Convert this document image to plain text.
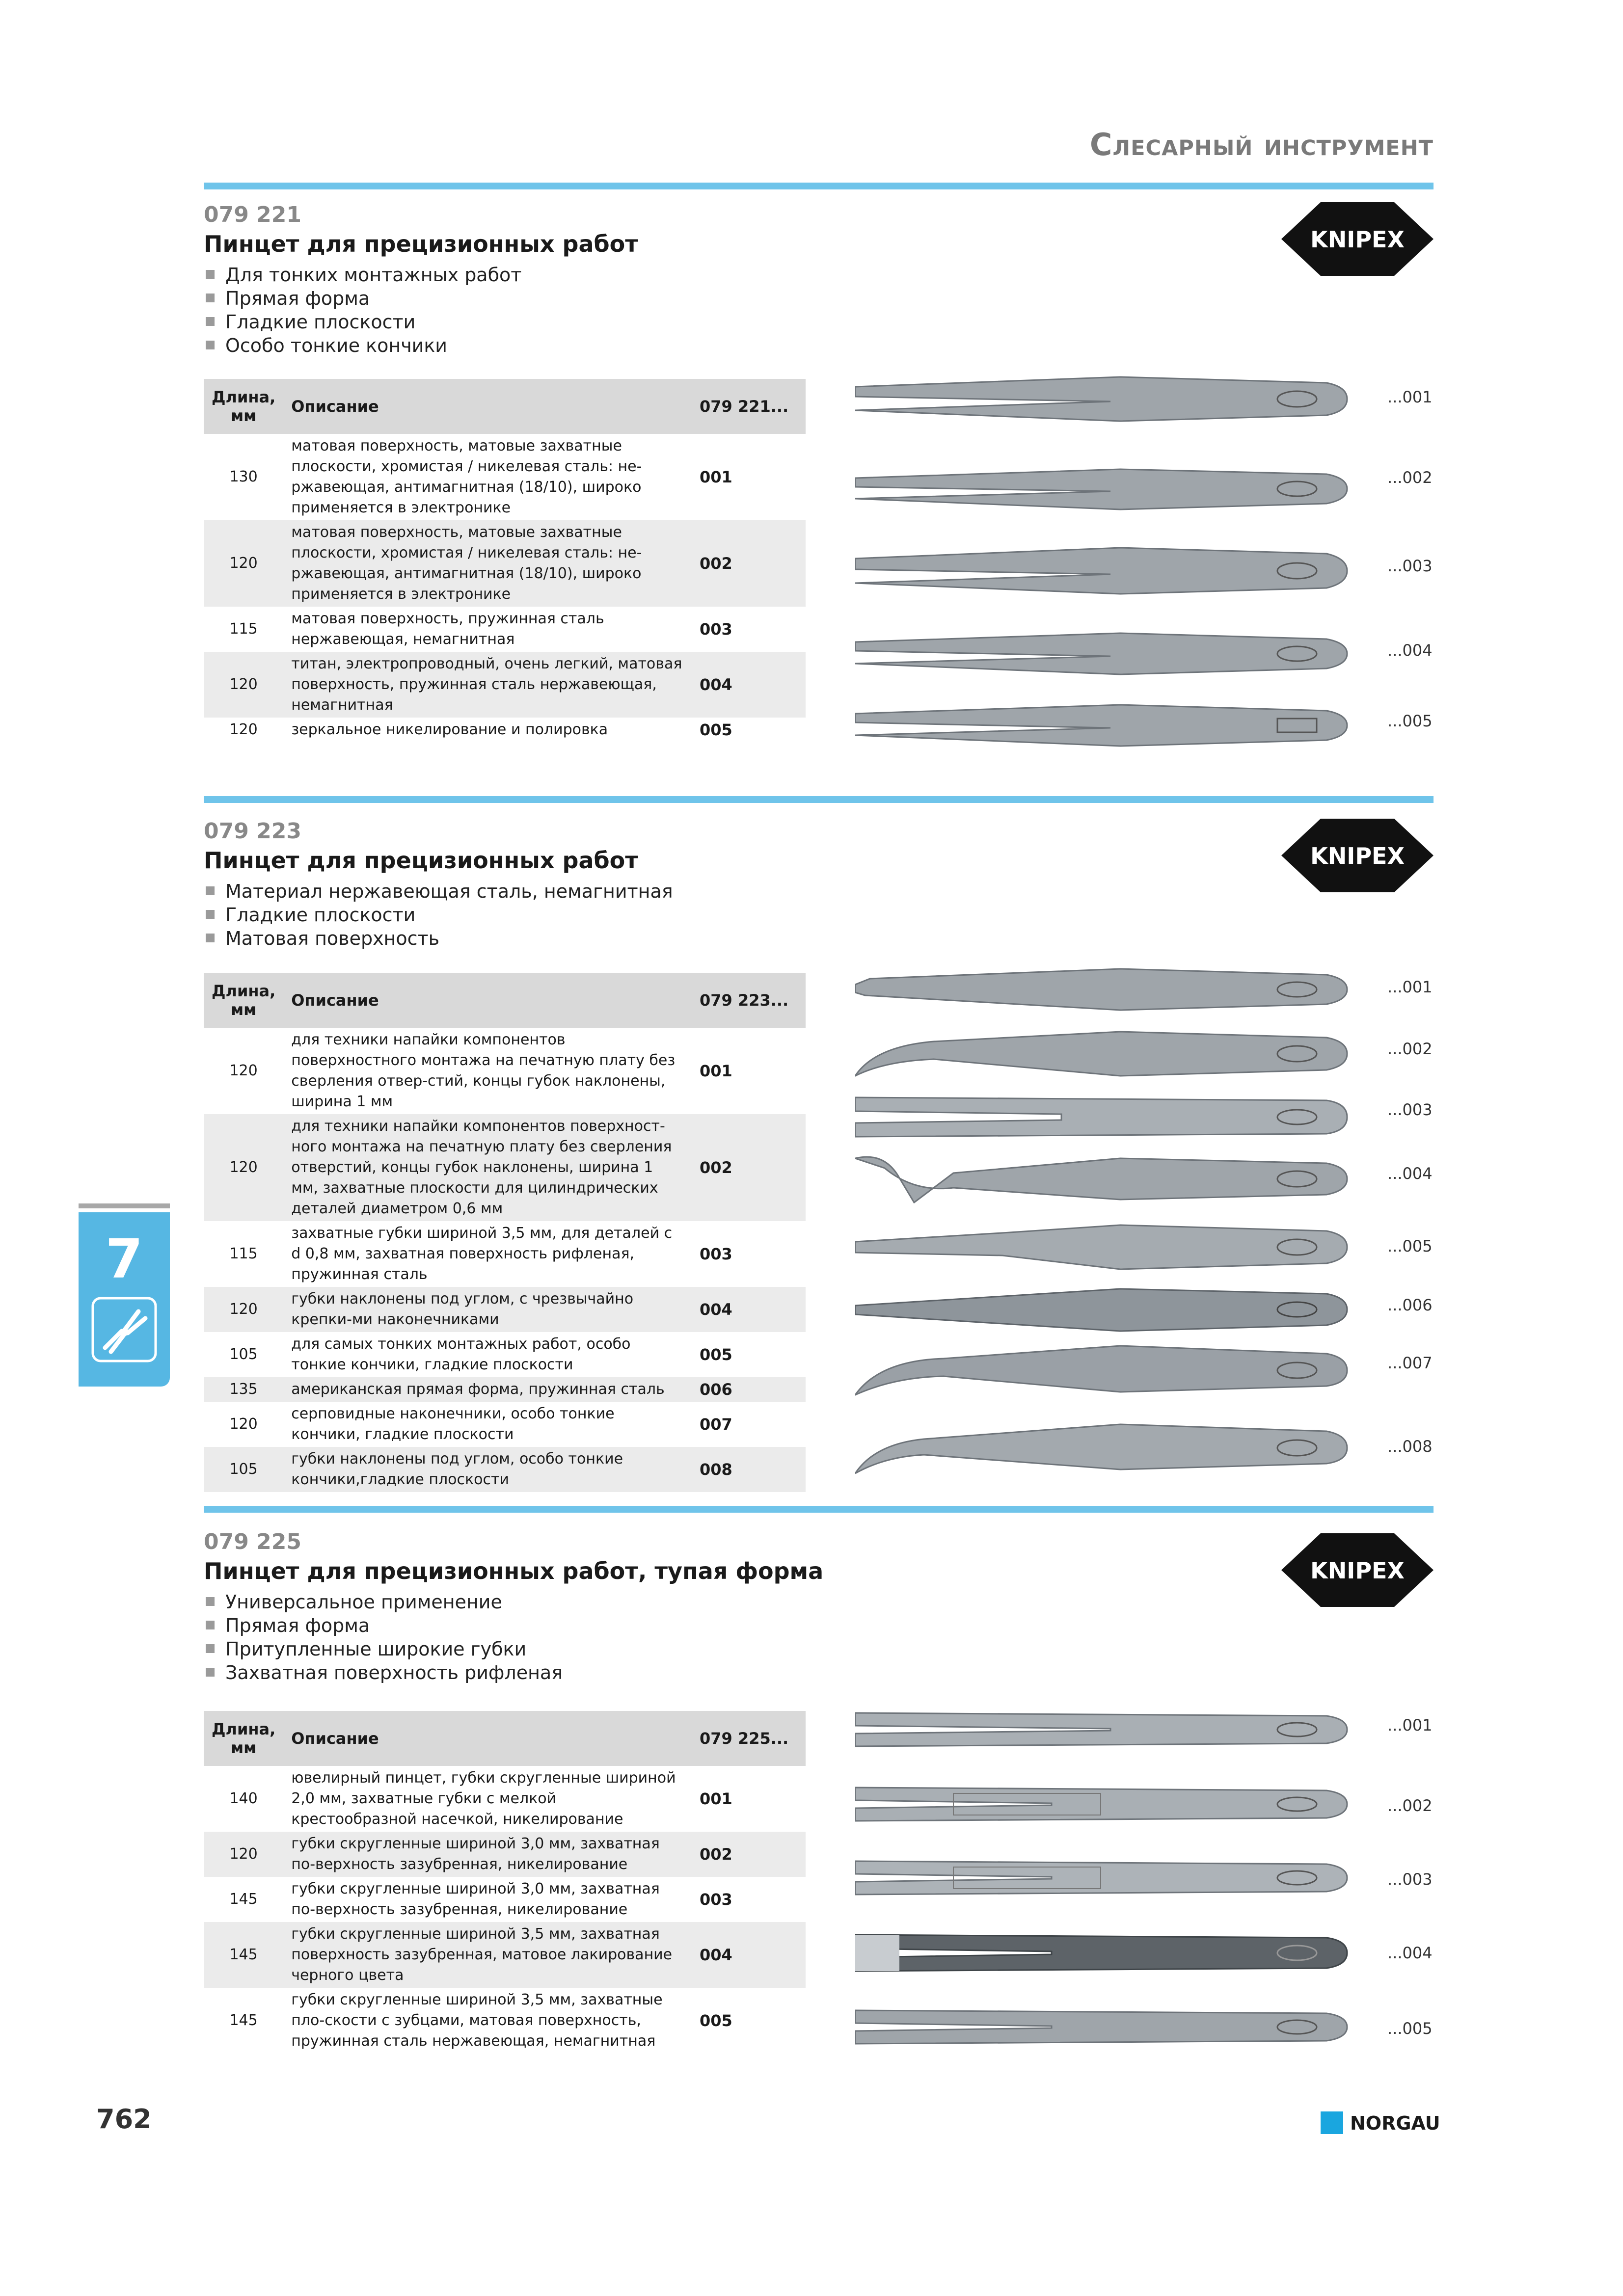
Слесарный инструмент
079 221
Пинцет для прецизионных работ
Для тонких монтажных работ
Прямая форма
Гладкие плоскости
Особо тонкие кончики
Длина, мм	Описание	079 221...
130	матовая поверхность, матовые захватные плоскости, хромистая / никелевая сталь: не-ржавеющая, антимагнитная (18/10), широко применяется в электронике	001
120	матовая поверхность, матовые захватные плоскости, хромистая / никелевая сталь: не-ржавеющая, антимагнитная (18/10), широко применяется в электронике	002
115	матовая поверхность, пружинная сталь нержавеющая, немагнитная	003
120	титан, электропроводный, очень легкий, матовая поверхность, пружинная сталь нержавеющая, немагнитная	004
120	зеркальное никелирование и полировка	005
KNIPEX
...001
...002
...003
...004
...005
079 223
Пинцет для прецизионных работ
Материал нержавеющая сталь, немагнитная
Гладкие плоскости
Матовая поверхность
Длина, мм	Описание	079 223...
120	для техники напайки компонентов поверхностного монтажа на печатную плату без сверления отвер-стий, концы губок наклонены, ширина 1 мм	001
120	для техники напайки компонентов поверхност-ного монтажа на печатную плату без сверления отверстий, концы губок наклонены, ширина 1 мм, захватные плоскости для цилиндрических деталей диаметром 0,6 мм	002
115	захватные губки шириной 3,5 мм, для деталей с d 0,8 мм, захватная поверхность рифленая, пружинная сталь	003
120	губки наклонены под углом, с чрезвычайно крепки-ми наконечниками	004
105	для самых тонких монтажных работ, особо тонкие кончики, гладкие плоскости	005
135	американская прямая форма, пружинная сталь	006
120	серповидные наконечники, особо тонкие кончики, гладкие плоскости	007
105	губки наклонены под углом, особо тонкие кончики,гладкие плоскости	008
KNIPEX
...001
...002
...003
...004
...005
...006
...007
...008
079 225
Пинцет для прецизионных работ, тупая форма
Универсальное применение
Прямая форма
Притупленные широкие губки
Захватная поверхность рифленая
Длина, мм	Описание	079 225...
140	ювелирный пинцет, губки скругленные шириной 2,0 мм, захватные губки с мелкой крестообразной насечкой, никелирование	001
120	губки скругленные шириной 3,0 мм, захватная по-верхность зазубренная, никелирование	002
145	губки скругленные шириной 3,0 мм, захватная по-верхность зазубренная, никелирование	003
145	губки скругленные шириной 3,5 мм, захватная поверхность зазубренная, матовое лакирование черного цвета	004
145	губки скругленные шириной 3,5 мм, захватные пло-скости с зубцами, матовая поверхность, пружинная сталь нержавеющая, немагнитная	005
KNIPEX
...001
...002
...003
...004
...005
7
762	NORGAU
